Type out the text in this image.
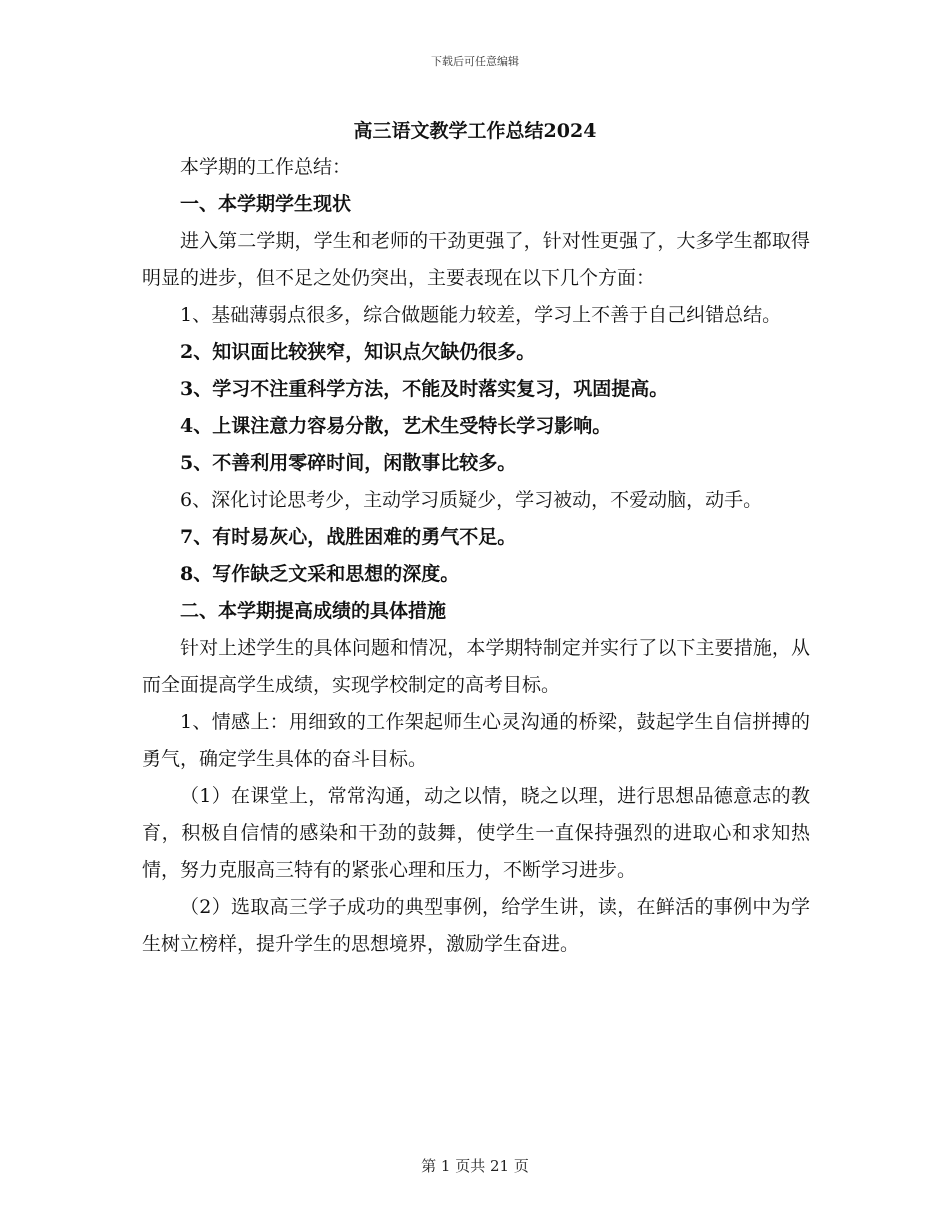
下载后可任意编辑
高三语文教学工作总结2024

本学期的工作总结：

一、本学期学生现状

进入第二学期，学生和老师的干劲更强了，针对性更强了，大多学生都取得明显的进步，但不足之处仍突出，主要表现在以下几个方面：

1、基础薄弱点很多，综合做题能力较差，学习上不善于自己纠错总结。

2、知识面比较狭窄，知识点欠缺仍很多。

3、学习不注重科学方法，不能及时落实复习，巩固提高。

4、上课注意力容易分散，艺术生受特长学习影响。

5、不善利用零碎时间，闲散事比较多。

6、深化讨论思考少，主动学习质疑少，学习被动，不爱动脑，动手。

7、有时易灰心，战胜困难的勇气不足。

8、写作缺乏文采和思想的深度。

二、本学期提高成绩的具体措施

针对上述学生的具体问题和情况，本学期特制定并实行了以下主要措施，从而全面提高学生成绩，实现学校制定的高考目标。

1、情感上：用细致的工作架起师生心灵沟通的桥梁，鼓起学生自信拼搏的勇气，确定学生具体的奋斗目标。

（1）在课堂上，常常沟通，动之以情，晓之以理，进行思想品德意志的教育，积极自信情的感染和干劲的鼓舞，使学生一直保持强烈的进取心和求知热情，努力克服高三特有的紧张心理和压力，不断学习进步。

（2）选取高三学子成功的典型事例，给学生讲，读，在鲜活的事例中为学生树立榜样，提升学生的思想境界，激励学生奋进。

第 1 页共 21 页
